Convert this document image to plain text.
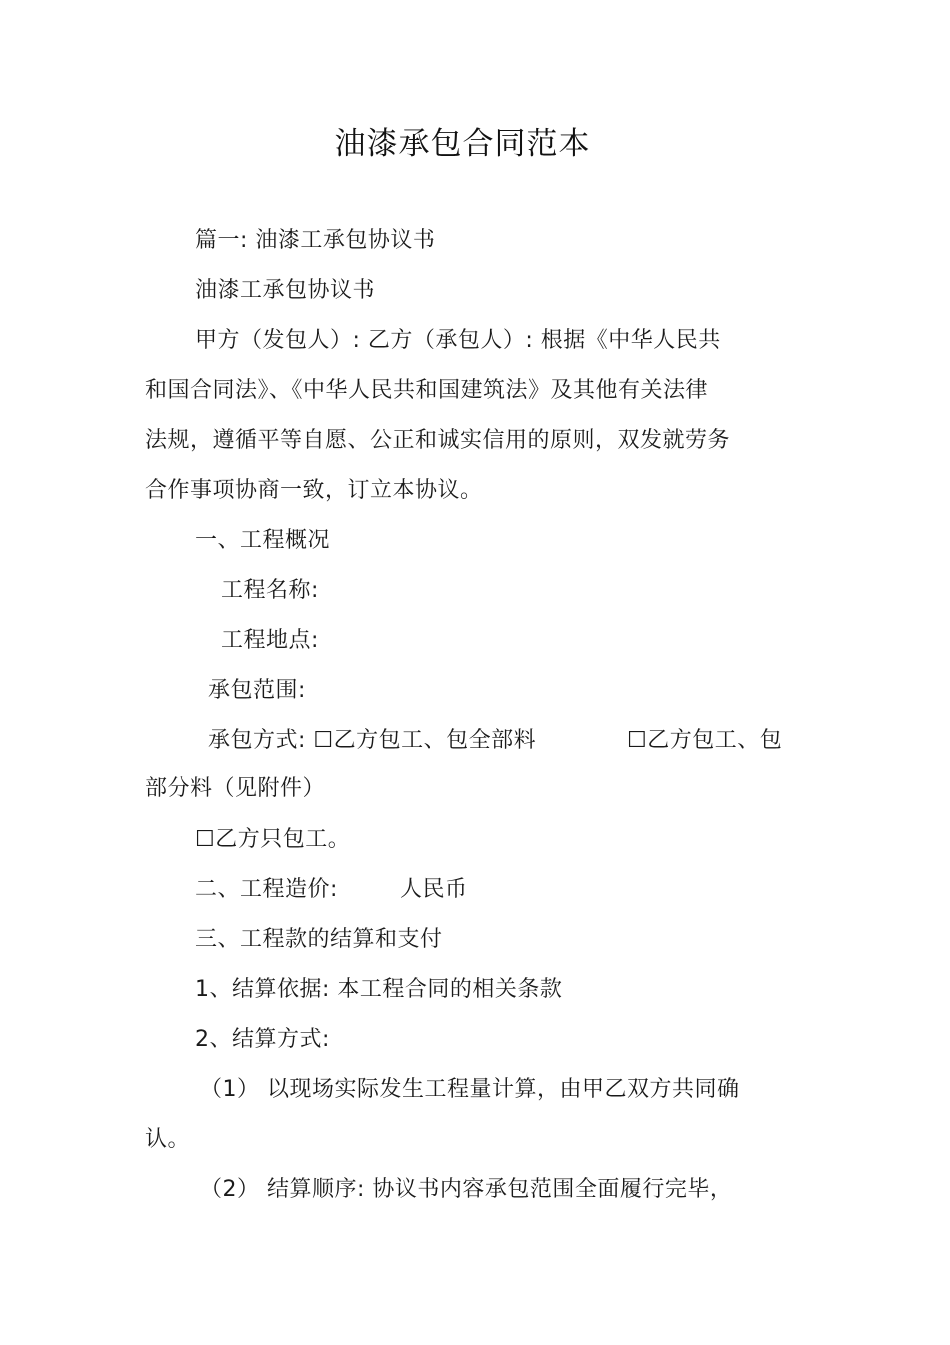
油漆承包合同范本
篇一: 油漆工承包协议书
油漆工承包协议书
甲方（发包人）: 乙方（承包人）: 根据《中华人民共
和国合同法》、《中华人民共和国建筑法》及其他有关法律
法规，遵循平等自愿、公正和诚实信用的原则，双发就劳务
合作事项协商一致，订立本协议。
一、工程概况
工程名称:
工程地点:
承包范围:
承包方式: ☐乙方包工、包全部料	☐乙方包工、包
部分料（见附件）
☐乙方只包工。
二、工程造价:	人民币
三、工程款的结算和支付
1、结算依据: 本工程合同的相关条款
2、结算方式:
（1） 以现场实际发生工程量计算，由甲乙双方共同确
认。
（2） 结算顺序: 协议书内容承包范围全面履行完毕，
